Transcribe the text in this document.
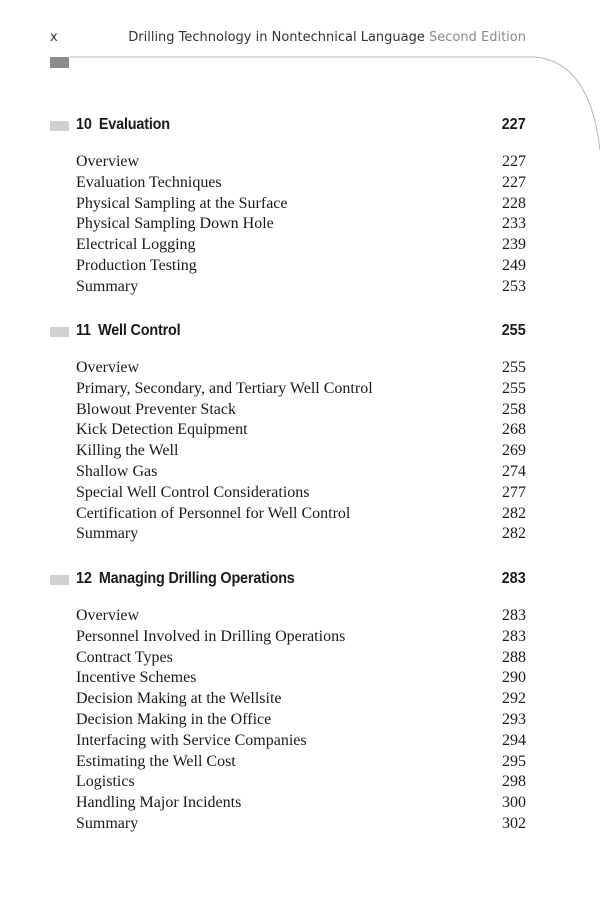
x	Drilling Technology in Nontechnical Language Second Edition
10 Evaluation	227
Overview	227
Evaluation Techniques	227
Physical Sampling at the Surface	228
Physical Sampling Down Hole	233
Electrical Logging	239
Production Testing	249
Summary	253
11 Well Control	255
Overview	255
Primary, Secondary, and Tertiary Well Control	255
Blowout Preventer Stack	258
Kick Detection Equipment	268
Killing the Well	269
Shallow Gas	274
Special Well Control Considerations	277
Certification of Personnel for Well Control	282
Summary	282
12 Managing Drilling Operations	283
Overview	283
Personnel Involved in Drilling Operations	283
Contract Types	288
Incentive Schemes	290
Decision Making at the Wellsite	292
Decision Making in the Office	293
Interfacing with Service Companies	294
Estimating the Well Cost	295
Logistics	298
Handling Major Incidents	300
Summary	302
